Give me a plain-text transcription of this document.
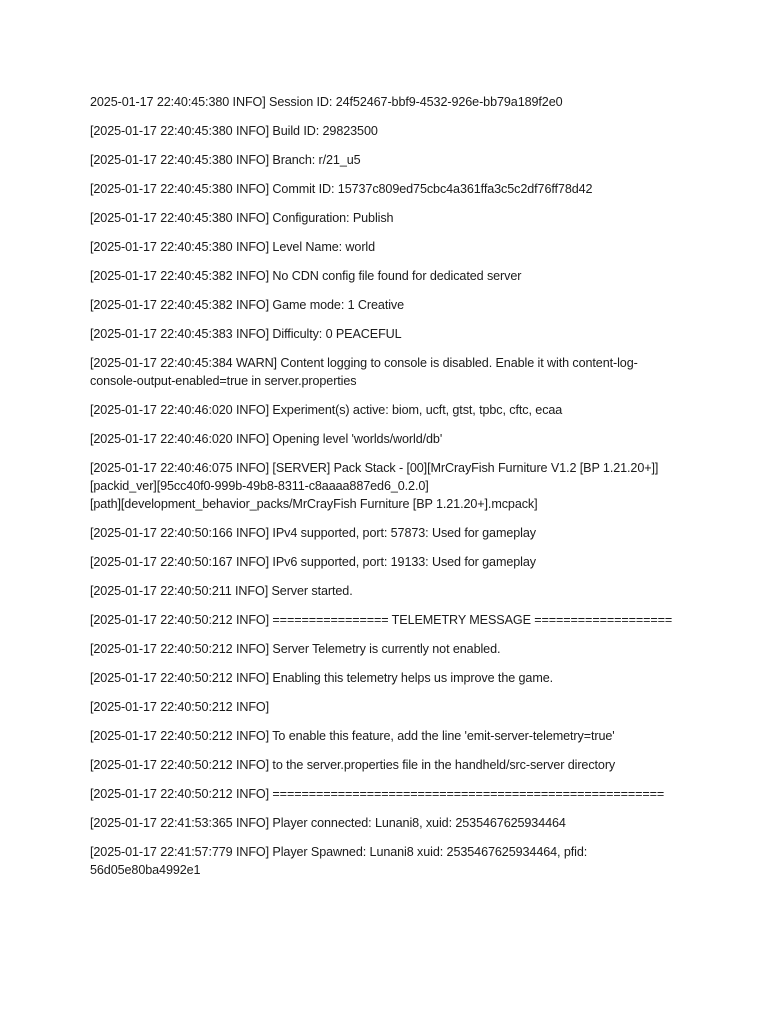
2025-01-17 22:40:45:380 INFO] Session ID: 24f52467-bbf9-4532-926e-bb79a189f2e0

[2025-01-17 22:40:45:380 INFO] Build ID: 29823500

[2025-01-17 22:40:45:380 INFO] Branch: r/21_u5

[2025-01-17 22:40:45:380 INFO] Commit ID: 15737c809ed75cbc4a361ffa3c5c2df76ff78d42

[2025-01-17 22:40:45:380 INFO] Configuration: Publish

[2025-01-17 22:40:45:380 INFO] Level Name: world

[2025-01-17 22:40:45:382 INFO] No CDN config file found for dedicated server

[2025-01-17 22:40:45:382 INFO] Game mode: 1 Creative

[2025-01-17 22:40:45:383 INFO] Difficulty: 0 PEACEFUL

[2025-01-17 22:40:45:384 WARN] Content logging to console is disabled. Enable it with content-log-console-output-enabled=true in server.properties

[2025-01-17 22:40:46:020 INFO] Experiment(s) active: biom, ucft, gtst, tpbc, cftc, ecaa

[2025-01-17 22:40:46:020 INFO] Opening level 'worlds/world/db'

[2025-01-17 22:40:46:075 INFO] [SERVER] Pack Stack - [00][MrCrayFish Furniture V1.2 [BP 1.21.20+]]
[packid_ver][95cc40f0-999b-49b8-8311-c8aaaa887ed6_0.2.0]
[path][development_behavior_packs/MrCrayFish Furniture [BP 1.21.20+].mcpack]

[2025-01-17 22:40:50:166 INFO] IPv4 supported, port: 57873: Used for gameplay

[2025-01-17 22:40:50:167 INFO] IPv6 supported, port: 19133: Used for gameplay

[2025-01-17 22:40:50:211 INFO] Server started.

[2025-01-17 22:40:50:212 INFO] ================ TELEMETRY MESSAGE ===================

[2025-01-17 22:40:50:212 INFO] Server Telemetry is currently not enabled.

[2025-01-17 22:40:50:212 INFO] Enabling this telemetry helps us improve the game.

[2025-01-17 22:40:50:212 INFO]

[2025-01-17 22:40:50:212 INFO] To enable this feature, add the line 'emit-server-telemetry=true'

[2025-01-17 22:40:50:212 INFO] to the server.properties file in the handheld/src-server directory

[2025-01-17 22:40:50:212 INFO] ======================================================

[2025-01-17 22:41:53:365 INFO] Player connected: Lunani8, xuid: 2535467625934464

[2025-01-17 22:41:57:779 INFO] Player Spawned: Lunani8 xuid: 2535467625934464, pfid:
56d05e80ba4992e1
